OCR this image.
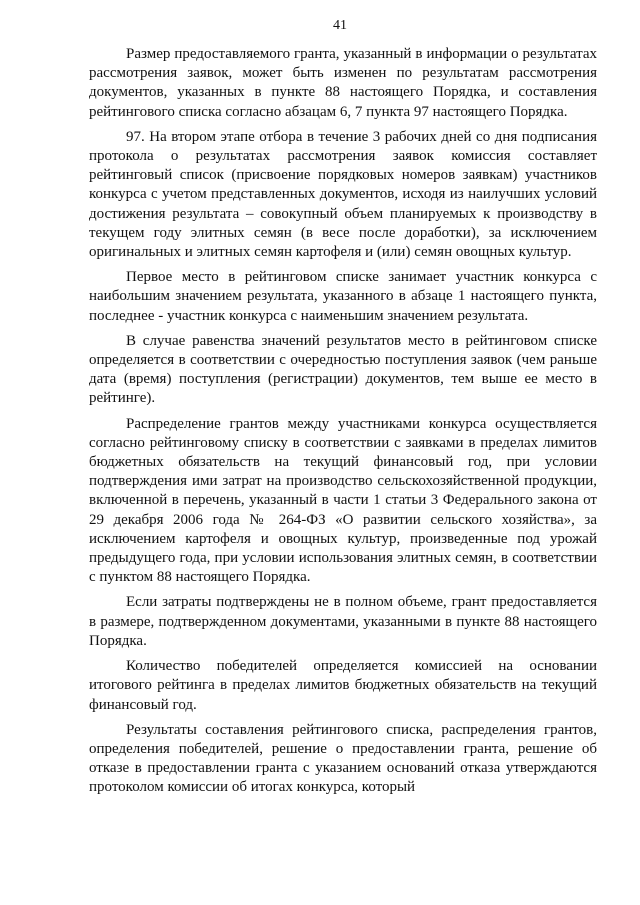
41

Размер предоставляемого гранта, указанный в информации о результатах рассмотрения заявок, может быть изменен по результатам рассмотрения документов, указанных в пункте 88 настоящего Порядка, и составления рейтингового списка согласно абзацам 6, 7 пункта 97 настоящего Порядка.

97. На втором этапе отбора в течение 3 рабочих дней со дня подписания протокола о результатах рассмотрения заявок комиссия составляет рейтинговый список (присвоение порядковых номеров заявкам) участников конкурса с учетом представленных документов, исходя из наилучших условий достижения результата – совокупный объем планируемых к производству в текущем году элитных семян (в весе после доработки), за исключением оригинальных и элитных семян картофеля и (или) семян овощных культур.

Первое место в рейтинговом списке занимает участник конкурса с наибольшим значением результата, указанного в абзаце 1 настоящего пункта, последнее - участник конкурса с наименьшим значением результата.

В случае равенства значений результатов место в рейтинговом списке определяется в соответствии с очередностью поступления заявок (чем раньше дата (время) поступления (регистрации) документов, тем выше ее место в рейтинге).

Распределение грантов между участниками конкурса осуществляется согласно рейтинговому списку в соответствии с заявками в пределах лимитов бюджетных обязательств на текущий финансовый год, при условии подтверждения ими затрат на производство сельскохозяйственной продукции, включенной в перечень, указанный в части 1 статьи 3 Федерального закона от 29 декабря 2006 года № 264-ФЗ «О развитии сельского хозяйства», за исключением картофеля и овощных культур, произведенные под урожай предыдущего года, при условии использования элитных семян, в соответствии с пунктом 88 настоящего Порядка.

Если затраты подтверждены не в полном объеме, грант предоставляется в размере, подтвержденном документами, указанными в пункте 88 настоящего Порядка.

Количество победителей определяется комиссией на основании итогового рейтинга в пределах лимитов бюджетных обязательств на текущий финансовый год.

Результаты составления рейтингового списка, распределения грантов, определения победителей, решение о предоставлении гранта, решение об отказе в предоставлении гранта с указанием оснований отказа утверждаются протоколом комиссии об итогах конкурса, который
